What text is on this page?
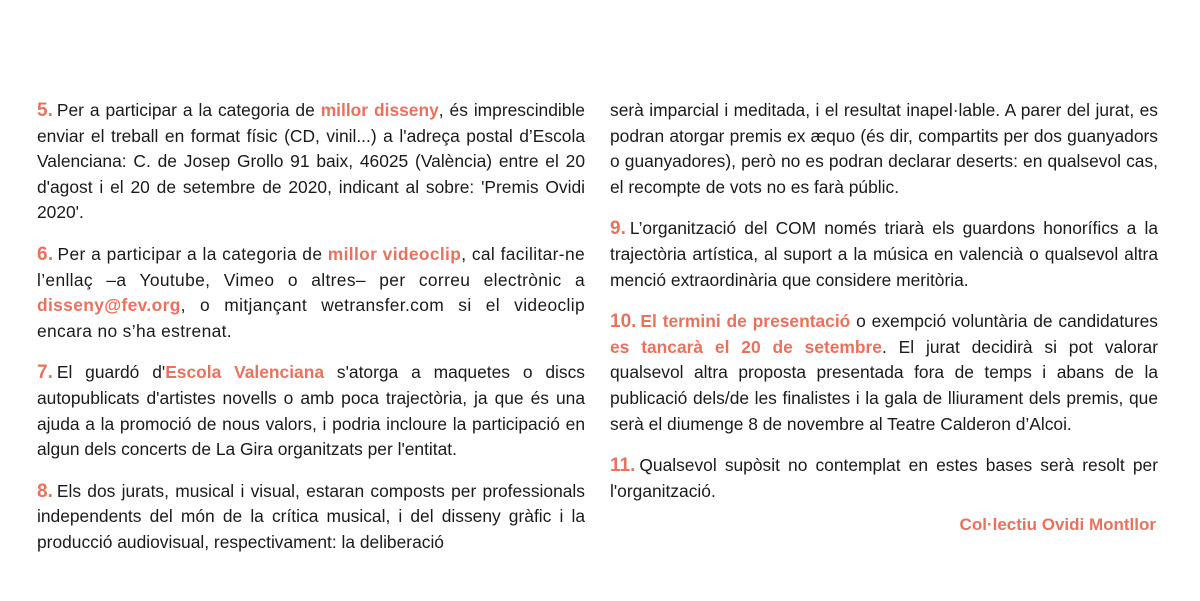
5. Per a participar a la categoria de millor disseny, és imprescindible enviar el treball en format físic (CD, vinil...) a l'adreça postal d’Escola Valenciana: C. de Josep Grollo 91 baix, 46025 (València) entre el 20 d'agost i el 20 de setembre de 2020, indicant al sobre: 'Premis Ovidi 2020'.

6. Per a participar a la categoria de millor videoclip, cal facilitar-ne l’enllaç –a Youtube, Vimeo o altres– per correu electrònic a disseny@fev.org, o mitjançant wetransfer.com si el videoclip encara no s’ha estrenat.

7. El guardó d'Escola Valenciana s'atorga a maquetes o discs autopublicats d'artistes novells o amb poca trajectòria, ja que és una ajuda a la promoció de nous valors, i podria incloure la participació en algun dels concerts de La Gira organitzats per l'entitat.

8. Els dos jurats, musical i visual, estaran composts per professionals independents del món de la crítica musical, i del disseny gràfic i la producció audiovisual, respectivament: la deliberació

serà imparcial i meditada, i el resultat inapel·lable. A parer del jurat, es podran atorgar premis ex æquo (és dir, compartits per dos guanyadors o guanyadores), però no es podran declarar deserts: en qualsevol cas, el recompte de vots no es farà públic.

9. L’organització del COM només triarà els guardons honorífics a la trajectòria artística, al suport a la música en valencià o qualsevol altra menció extraordinària que considere meritòria.

10. El termini de presentació o exempció voluntària de candidatures es tancarà el 20 de setembre. El jurat decidirà si pot valorar qualsevol altra proposta presentada fora de temps i abans de la publicació dels/de les finalistes i la gala de lliurament dels premis, que serà el diumenge 8 de novembre al Teatre Calderon d’Alcoi.

11. Qualsevol supòsit no contemplat en estes bases serà resolt per l'organització.

Col·lectiu Ovidi Montllor
